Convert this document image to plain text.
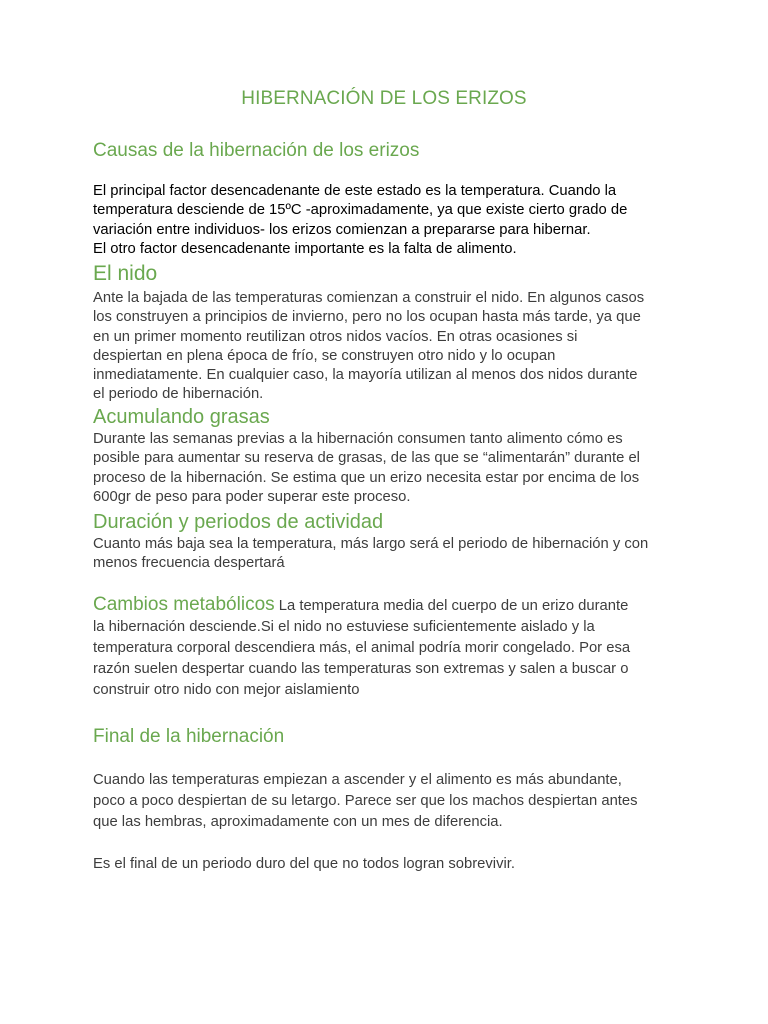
HIBERNACIÓN DE LOS ERIZOS
Causas de la hibernación de los erizos

El principal factor desencadenante de este estado es la temperatura. Cuando la
temperatura desciende de 15ºC -aproximadamente, ya que existe cierto grado de
variación entre individuos- los erizos comienzan a prepararse para hibernar.
El otro factor desencadenante importante es la falta de alimento.

El nido

Ante la bajada de las temperaturas comienzan a construir el nido. En algunos casos
los construyen a principios de invierno, pero no los ocupan hasta más tarde, ya que
en un primer momento reutilizan otros nidos vacíos. En otras ocasiones si
despiertan en plena época de frío, se construyen otro nido y lo ocupan
inmediatamente. En cualquier caso, la mayoría utilizan al menos dos nidos durante
el periodo de hibernación.

Acumulando grasas

Durante las semanas previas a la hibernación consumen tanto alimento cómo es
posible para aumentar su reserva de grasas, de las que se “alimentarán” durante el
proceso de la hibernación. Se estima que un erizo necesita estar por encima de los
600gr de peso para poder superar este proceso.

Duración y periodos de actividad

Cuanto más baja sea la temperatura, más largo será el periodo de hibernación y con
menos frecuencia despertará

Cambios metabólicos La temperatura media del cuerpo de un erizo durante
la hibernación desciende.Si el nido no estuviese suficientemente aislado y la
temperatura corporal descendiera más, el animal podría morir congelado. Por esa
razón suelen despertar cuando las temperaturas son extremas y salen a buscar o
construir otro nido con mejor aislamiento

Final de la hibernación

Cuando las temperaturas empiezan a ascender y el alimento es más abundante,
poco a poco despiertan de su letargo. Parece ser que los machos despiertan antes
que las hembras, aproximadamente con un mes de diferencia.

Es el final de un periodo duro del que no todos logran sobrevivir.
